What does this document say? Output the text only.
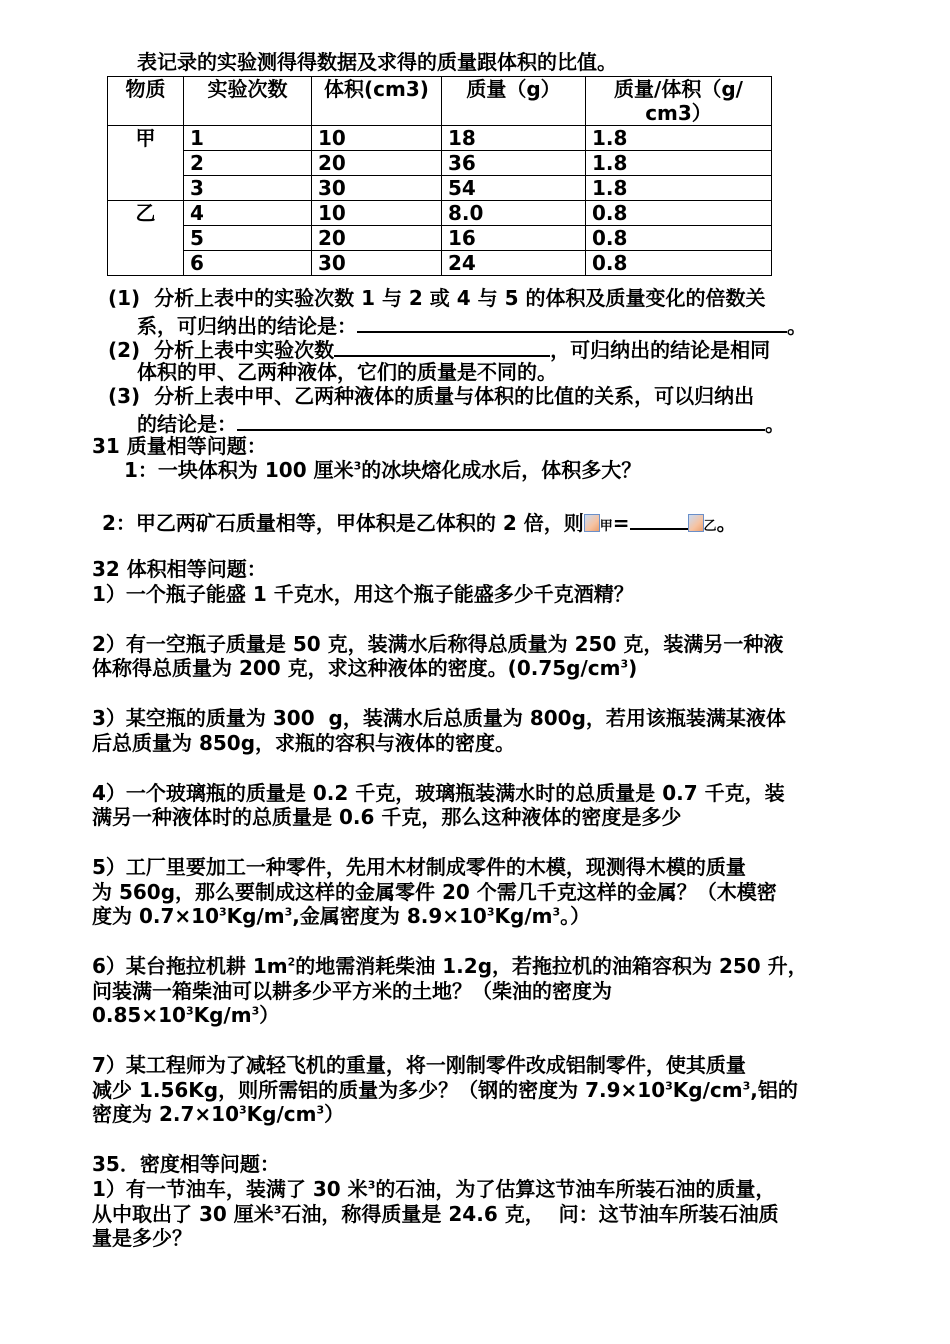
表记录的实验测得得数据及求得的质量跟体积的比值。
物质	实验次数	体积(cm3)	质量（g）	质量/体积（g/
cm3）

甲	1	10	18	1.8
	2	20	36	1.8
	3	30	54	1.8
乙	4	10	8.0	0.8
	5	20	16	0.8
	6	30	24	0.8
(1)  分析上表中的实验次数 1 与 2 或 4 与 5 的体积及质量变化的倍数关
系，可归纳出的结论是：	。
(2)  分析上表中实验次数	，可归纳出的结论是相同
体积的甲、乙两种液体，它们的质量是不同的。
(3)  分析上表中甲、乙两种液体的质量与体积的比值的关系，可以归纳出
的结论是：	。
31 质量相等问题：
1：一块体积为 100 厘米$^3$的冰块熔化成水后，体积多大？
2：甲乙两矿石质量相等，甲体积是乙体积的 2 倍，则 甲=	乙。
32 体积相等问题：
1）一个瓶子能盛 1 千克水，用这个瓶子能盛多少千克酒精？
2）有一空瓶子质量是 50 克，装满水后称得总质量为 250 克，装满另一种液
体称得总质量为 200 克，求这种液体的密度。$(0.75g/cm^3)$
3）某空瓶的质量为 300  g，装满水后总质量为 800g，若用该瓶装满某液体
后总质量为 850g，求瓶的容积与液体的密度。
4）一个玻璃瓶的质量是 0.2 千克，玻璃瓶装满水时的总质量是 0.7 千克，装
满另一种液体时的总质量是 0.6 千克，那么这种液体的密度是多少
5）工厂里要加工一种零件，先用木材制成零件的木模，现测得木模的质量
为 560g，那么要制成这样的金属零件 20 个需几千克这样的金属？（木模密
度为 $0.7\times 10^3Kg/m^3$,金属密度为 $8.9\times 10^3Kg/m^3$。）
6）某台拖拉机耕 $1m^2$的地需消耗柴油 1.2g，若拖拉机的油箱容积为 250 升，
问装满一箱柴油可以耕多少平方米的土地？（柴油的密度为
$0.85\times 10^3Kg/m^3$）
7）某工程师为了减轻飞机的重量，将一刚制零件改成铝制零件，使其质量
减少 1.56Kg，则所需铝的质量为多少？（钢的密度为 $7.9\times 10^3Kg/cm^3$,铝的
密度为 $2.7\times 10^3Kg/cm^3$）
35．密度相等问题：
1）有一节油车，装满了 30 米$^3$的石油，为了估算这节油车所装石油的质量，
从中取出了 30 厘米$^3$石油，称得质量是 24.6 克，  问：这节油车所装石油质
量是多少？
